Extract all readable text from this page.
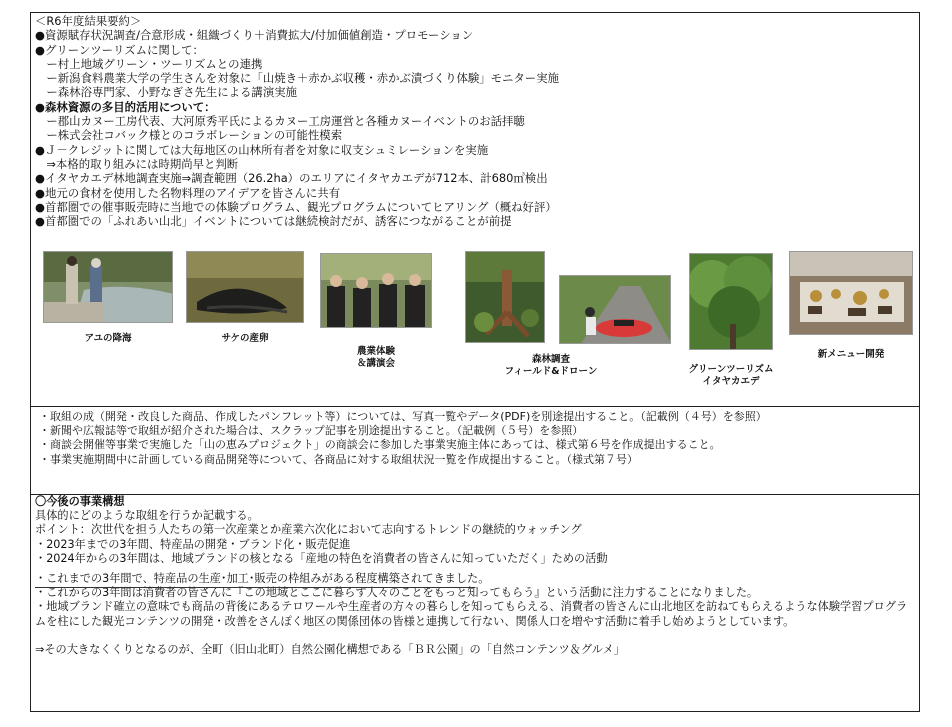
＜R6年度結果要約＞
●資源賦存状況調査/合意形成・組織づくり＋消費拡大/付加価値創造・プロモーション
●グリーンツーリズムに関して：
　ー村上地域グリーン・ツーリズムとの連携
　ー新潟食料農業大学の学生さんを対象に「山焼き＋赤かぶ収穫・赤かぶ漬づくり体験」モニター実施
　ー森林浴専門家、小野なぎさ先生による講演実施
●森林資源の多目的活用について：
　ー郡山カヌー工房代表、大河原秀平氏によるカヌー工房運営と各種カヌーイベントのお話拝聴
　ー株式会社コバック様とのコラボレーションの可能性模索
●Ｊ－クレジットに関しては大毎地区の山林所有者を対象に収支シュミレーションを実施
　⇒本格的取り組みには時期尚早と判断
●イタヤカエデ林地調査実施⇒調査範囲（26.2ha）のエリアにイタヤカエデが712本、計680㎥検出
●地元の食材を使用した名物料理のアイデアを皆さんに共有
●首都圏での催事販売時に当地での体験プログラム、観光プログラムについてヒアリング（概ね好評）
●首都圏での「ふれあい山北」イベントについては継続検討だが、誘客につながることが前提
アユの降海	サケの産卵
農業体験
＆講演会	森林調査
フィールド&ドローン	グリーンツーリズム
イタヤカエデ
新メニュー開発
・取組の成（開発・改良した商品、作成したパンフレット等）については、写真一覧やデータ(PDF)を別途提出すること。（記載例（４号）を参照）
・新聞や広報誌等で取組が紹介された場合は、スクラップ記事を別途提出すること。（記載例（５号）を参照）
・商談会開催等事業で実施した「山の恵みプロジェクト」の商談会に参加した事業実施主体にあっては、様式第６号を作成提出すること。
・事業実施期間中に計画している商品開発等について、各商品に対する取組状況一覧を作成提出すること。（様式第７号）
〇今後の事業構想
具体的にどのような取組を行うか記載する。
ポイント：次世代を担う人たちの第一次産業とか産業六次化において志向するトレンドの継続的ウォッチング
・2023年までの3年間、特産品の開発・ブランド化・販売促進
・2024年からの3年間は、地域ブランドの核となる「産地の特色を消費者の皆さんに知っていただく」ための活動
・これまでの3年間で、特産品の生産･加工･販売の枠組みがある程度構築されてきました。
・これからの3年間は消費者の皆さんに『この地域とここに暮らす人々のことをもっと知ってもらう』という活動に注力することになりました。
・地域ブランド確立の意味でも商品の背後にあるテロワールや生産者の方々の暮らしを知ってもらえる、消費者の皆さんに山北地区を訪ねてもらえるような体験学習プログラムを柱にした観光コンテンツの開発・改善をさんぽく地区の関係団体の皆様と連携して行ない、関係人口を増やす活動に着手し始めようとしています。
⇒その大きなくくりとなるのが、全町（旧山北町）自然公園化構想である「ＢＲ公園」の「自然コンテンツ＆グルメ」
